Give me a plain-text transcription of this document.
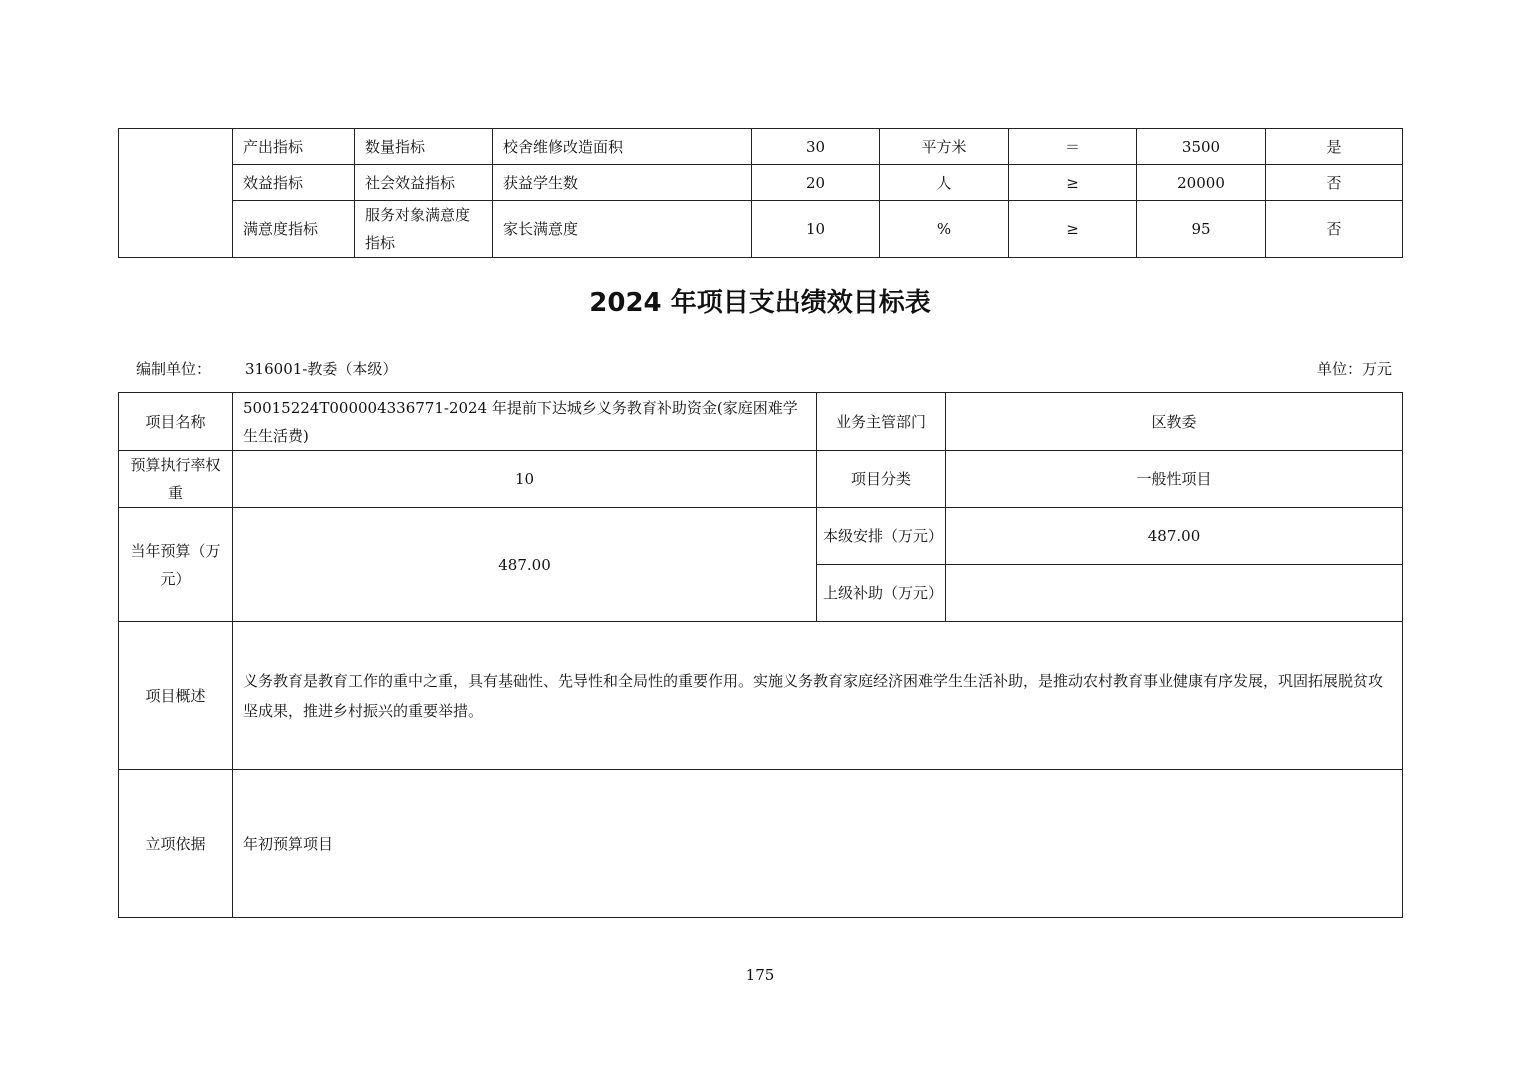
	产出指标	数量指标	校舍维修改造面积	30	平方米	＝	3500	是
	效益指标	社会效益指标	获益学生数	20	人	≥	20000	否
	满意度指标	服务对象满意度指标	家长满意度	10	%	≥	95	否
2024 年项目支出绩效目标表
编制单位： 316001-教委（本级）	单位：万元
项目名称	50015224T000004336771-2024 年提前下达城乡义务教育补助资金(家庭困难学生生活费)	业务主管部门	区教委
预算执行率权重	10	项目分类	一般性项目
当年预算（万元）	487.00	本级安排（万元）	487.00
		上级补助（万元）	
项目概述	义务教育是教育工作的重中之重，具有基础性、先导性和全局性的重要作用。实施义务教育家庭经济困难学生生活补助，是推动农村教育事业健康有序发展，巩固拓展脱贫攻坚成果，推进乡村振兴的重要举措。		
立项依据	年初预算项目		
175
